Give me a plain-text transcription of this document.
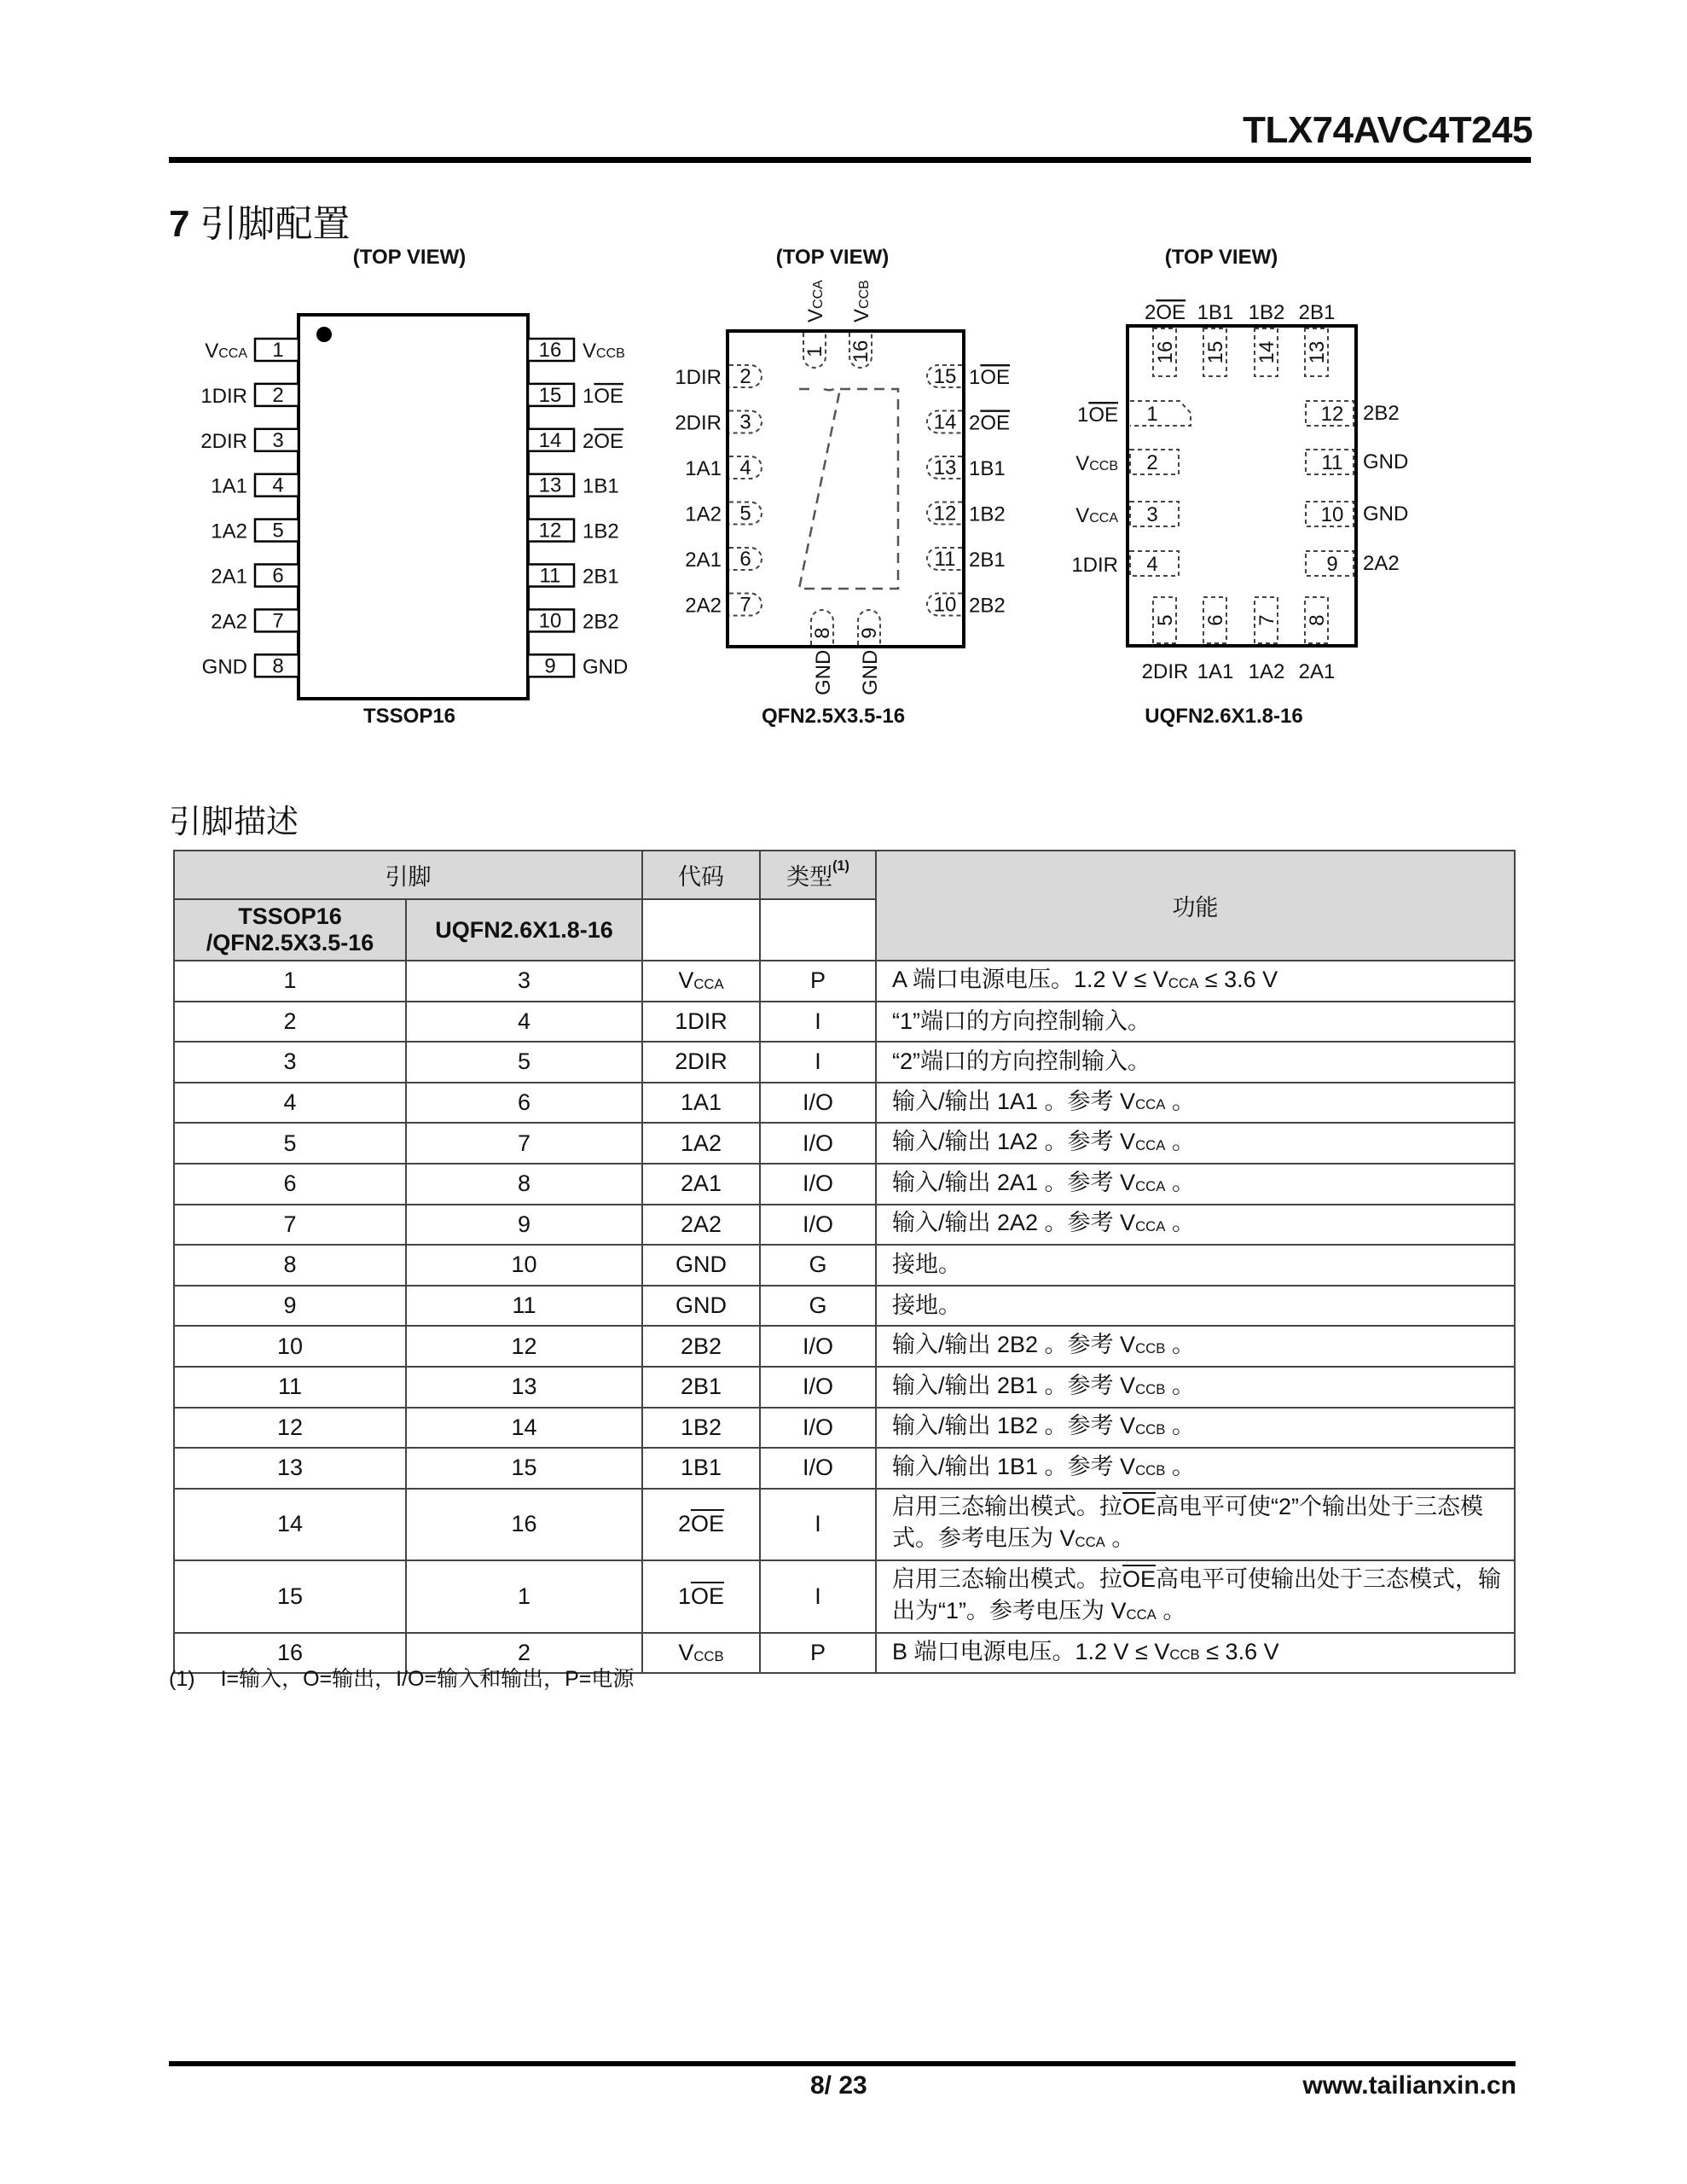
TLX74AVC4T245
7 引脚配置
(TOP VIEW)	(TOP VIEW)	(TOP VIEW)
1
VCCA
2
1DIR
3
2DIR
4
1A1
5
1A2
6
2A1
7
2A2
8
GND
16 VCCB
15 1OE
14 2OE
13 1B1
12 1B2
11 2B1
10 2B2
9 GND
2
1DIR
3
2DIR
4
1A1
5
1A2
6
2A1
7
2A2
15 1OE
14 2OE
13 1B1
12 1B2
11 2B1
10 2B2
1
VCCA
16
VCCB
8
GND
9
GND
16
2OE
15
1B1
14
1B2
13
2B1
5
2DIR
6
1A1
7
1A2
8
2A1
1
1OE
2
VCCB
3
VCCA
4
1DIR
12 2B2
11 GND
10 GND
9 2A2
TSSOP16	QFN2.5X3.5-16	UQFN2.6X1.8-16
引脚描述
引脚		代码	类型$^{(1)}$	功能
TSSOP16
/QFN2.5X3.5-16	UQFN2.6X1.8-16			
1	3	$V_{CCA}$	P	A 端口电源电压。1.2 $V \le V_{CCA} \le 3.6$ V
2	4	1DIR	I	“1”端口的方向控制输入。
3	5	2DIR	I	“2”端口的方向控制输入。
4	6	1A1	I/O	输入/输出 1A1 。参考 $V_{CCA}$ 。
5	7	1A2	I/O	输入/输出 1A2 。参考 $V_{CCA}$ 。
6	8	2A1	I/O	输入/输出 2A1 。参考 $V_{CCA}$ 。
7	9	2A2	I/O	输入/输出 2A2 。参考 $V_{CCA}$ 。
8	10	GND	G	接地。
9	11	GND	G	接地。
10	12	2B2	I/O	输入/输出 2B2 。参考 $V_{CCB}$ 。
11	13	2B1	I/O	输入/输出 2B1 。参考 $V_{CCB}$ 。
12	14	1B2	I/O	输入/输出 1B2 。参考 $V_{CCB}$ 。
13	15	1B1	I/O	输入/输出 1B1 。参考 $V_{CCB}$ 。
14	16	$2\overline{OE}$	I	启用三态输出模式。拉$\overline{OE}$高电平可使“2”个输出处于三态模式。参考电压为 $V_{CCA}$ 。
15	1	$1\overline{OE}$	I	启用三态输出模式。拉$\overline{OE}$高电平可使输出处于三态模式，输出为“1”。参考电压为 $V_{CCA}$ 。
16	2	$V_{CCB}$	P	B 端口电源电压。1.2 $V \le V_{CCB} \le 3.6$ V
(1) I=输入，O=输出，I/O=输入和输出，P=电源
8/ 23	www.tailianxin.cn
